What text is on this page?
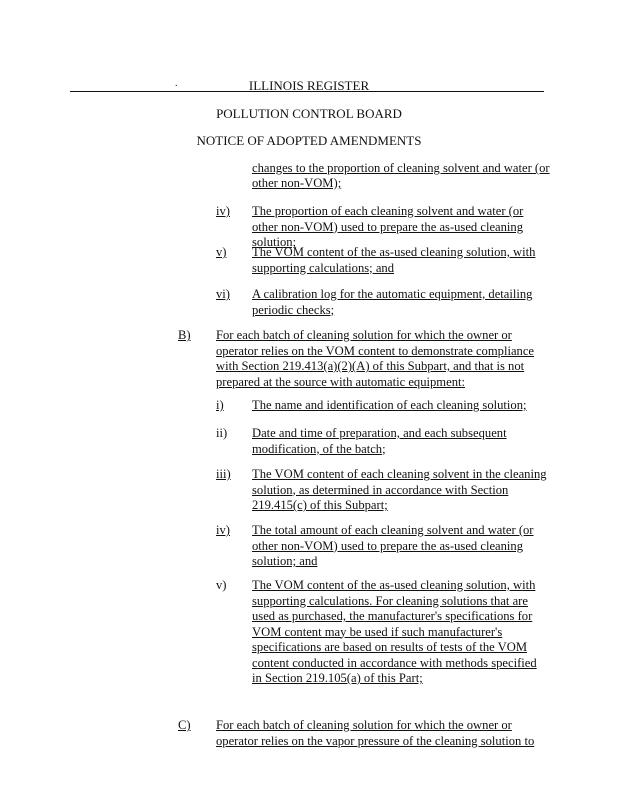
.	ILLINOIS REGISTER
POLLUTION CONTROL BOARD
NOTICE OF ADOPTED AMENDMENTS
changes to the proportion of cleaning solvent and water (or
other non-VOM);
iv) The proportion of each cleaning solvent and water (or other non-VOM) used to prepare the as-used cleaning solution;
v) The VOM content of the as-used cleaning solution, with supporting calculations; and
vi) A calibration log for the automatic equipment, detailing periodic checks;
B) For each batch of cleaning solution for which the owner or operator relies on the VOM content to demonstrate compliance with Section 219.413(a)(2)(A) of this Subpart, and that is not prepared at the source with automatic equipment:
i) The name and identification of each cleaning solution;
ii) Date and time of preparation, and each subsequent modification, of the batch;
iii) The VOM content of each cleaning solvent in the cleaning solution, as determined in accordance with Section 219.415(c) of this Subpart;
iv) The total amount of each cleaning solvent and water (or other non-VOM) used to prepare the as-used cleaning solution; and
v) The VOM content of the as-used cleaning solution, with supporting calculations. For cleaning solutions that are used as purchased, the manufacturer's specifications for VOM content may be used if such manufacturer's specifications are based on results of tests of the VOM content conducted in accordance with methods specified in Section 219.105(a) of this Part;
C) For each batch of cleaning solution for which the owner or operator relies on the vapor pressure of the cleaning solution to
